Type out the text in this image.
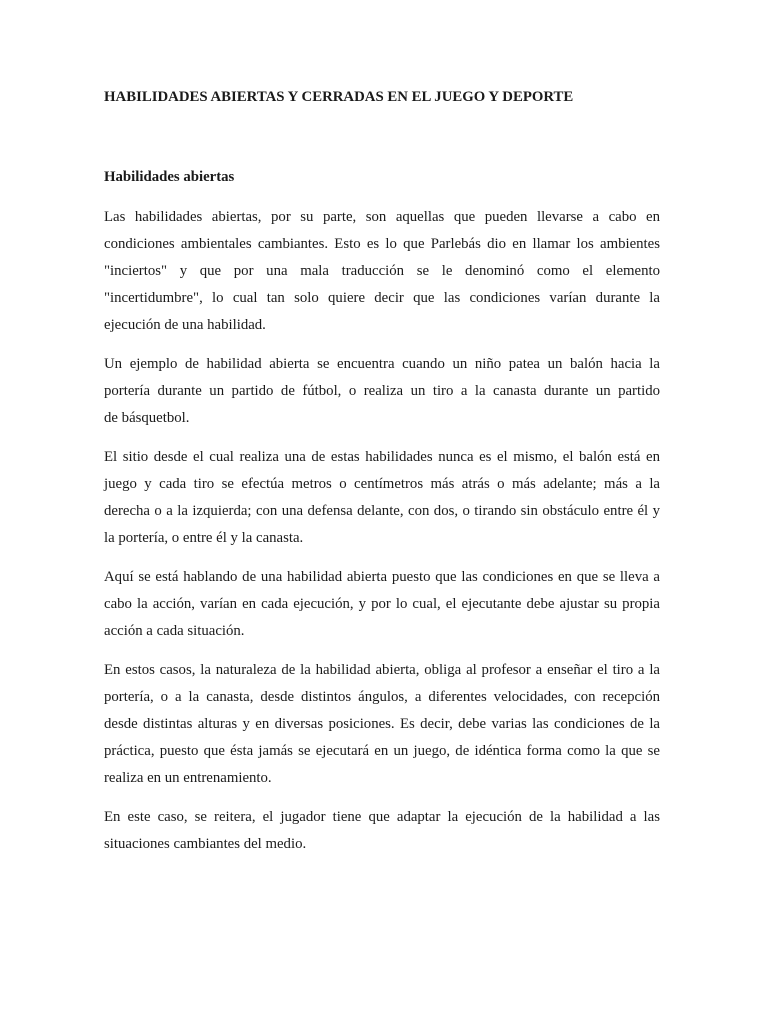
HABILIDADES ABIERTAS Y CERRADAS EN EL JUEGO Y DEPORTE
Habilidades abiertas
Las habilidades abiertas, por su parte, son aquellas que pueden llevarse a cabo en
condiciones ambientales cambiantes. Esto es lo que Parlebás dio en llamar los ambientes
"inciertos" y que por una mala traducción se le denominó como el elemento
"incertidumbre", lo cual tan solo quiere decir que las condiciones varían durante la
ejecución de una habilidad.
Un ejemplo de habilidad abierta se encuentra cuando un niño patea un balón hacia la
portería durante un partido de fútbol, o realiza un tiro a la canasta durante un partido
de básquetbol.
El sitio desde el cual realiza una de estas habilidades nunca es el mismo, el balón está en
juego y cada tiro se efectúa metros o centímetros más atrás o más adelante; más a la
derecha o a la izquierda; con una defensa delante, con dos, o tirando sin obstáculo entre él y
la portería, o entre él y la canasta.
Aquí se está hablando de una habilidad abierta puesto que las condiciones en que se lleva a
cabo la acción, varían en cada ejecución, y por lo cual, el ejecutante debe ajustar su propia
acción a cada situación.
En estos casos, la naturaleza de la habilidad abierta, obliga al profesor a enseñar el tiro a la
portería, o a la canasta, desde distintos ángulos, a diferentes velocidades, con recepción
desde distintas alturas y en diversas posiciones. Es decir, debe varias las condiciones de la
práctica, puesto que ésta jamás se ejecutará en un juego, de idéntica forma como la que se
realiza en un entrenamiento.
En este caso, se reitera, el jugador tiene que adaptar la ejecución de la habilidad a las
situaciones cambiantes del medio.
